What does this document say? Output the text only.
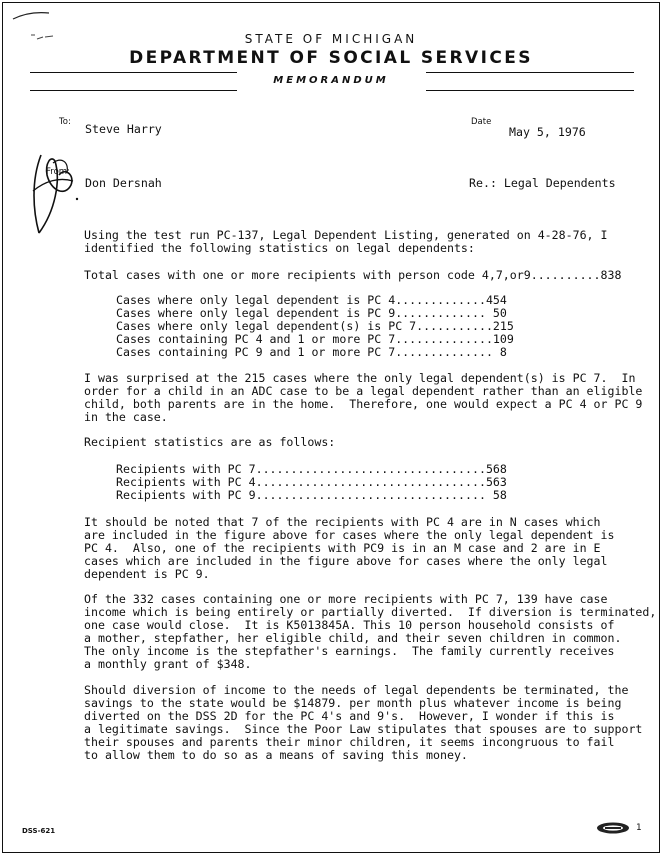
STATE OF MICHIGAN
DEPARTMENT OF SOCIAL SERVICES
MEMORANDUM
To: Steve Harry	Date
May 5, 1976
From:
Don Dersnah	Re.: Legal Dependents
Using the test run PC-137, Legal Dependent Listing, generated on 4-28-76, I
identified the following statistics on legal dependents:
Total cases with one or more recipients with person code 4,7,or9..........838
Cases where only legal dependent is PC 4.............454
Cases where only legal dependent is PC 9............. 50
Cases where only legal dependent(s) is PC 7...........215
Cases containing PC 4 and 1 or more PC 7..............109
Cases containing PC 9 and 1 or more PC 7.............. 8
I was surprised at the 215 cases where the only legal dependent(s) is PC 7.  In
order for a child in an ADC case to be a legal dependent rather than an eligible
child, both parents are in the home.  Therefore, one would expect a PC 4 or PC 9
in the case.
Recipient statistics are as follows:
Recipients with PC 7.................................568
Recipients with PC 4.................................563
Recipients with PC 9................................. 58
It should be noted that 7 of the recipients with PC 4 are in N cases which
are included in the figure above for cases where the only legal dependent is
PC 4.  Also, one of the recipients with PC9 is in an M case and 2 are in E
cases which are included in the figure above for cases where the only legal
dependent is PC 9.
Of the 332 cases containing one or more recipients with PC 7, 139 have case
income which is being entirely or partially diverted.  If diversion is terminated,
one case would close.  It is K5013845A. This 10 person household consists of
a mother, stepfather, her eligible child, and their seven children in common.
The only income is the stepfather's earnings.  The family currently receives
a monthly grant of $348.
Should diversion of income to the needs of legal dependents be terminated, the
savings to the state would be $14879. per month plus whatever income is being
diverted on the DSS 2D for the PC 4's and 9's.  However, I wonder if this is
a legitimate savings.  Since the Poor Law stipulates that spouses are to support
their spouses and parents their minor children, it seems incongruous to fail
to allow them to do so as a means of saving this money.
DSS-621	1
